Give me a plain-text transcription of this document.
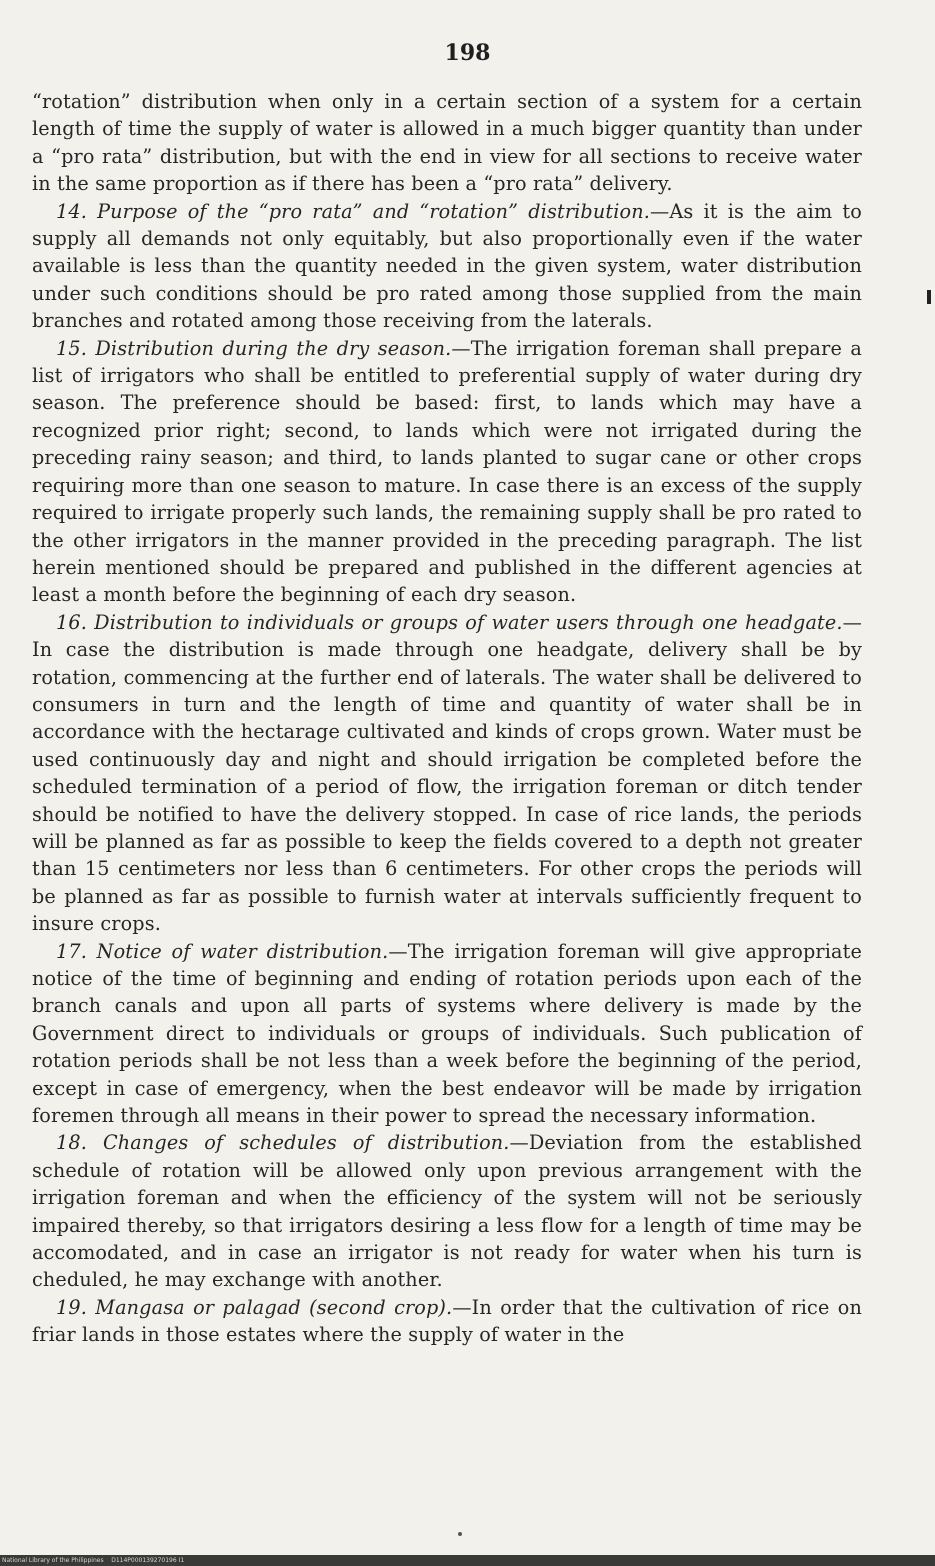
198

“rotation” distribution when only in a certain section of a system for a certain length of time the supply of water is allowed in a much bigger quantity than under a “pro rata” distribution, but with the end in view for all sections to receive water in the same proportion as if there has been a “pro rata” delivery.

14. Purpose of the “pro rata” and “rotation” distribution.—As it is the aim to supply all demands not only equitably, but also proportionally even if the water available is less than the quantity needed in the given system, water distribution under such conditions should be pro rated among those supplied from the main branches and rotated among those receiving from the laterals.

15. Distribution during the dry season.—The irrigation foreman shall prepare a list of irrigators who shall be entitled to preferential supply of water during dry season. The preference should be based: first, to lands which may have a recognized prior right; second, to lands which were not irrigated during the preceding rainy season; and third, to lands planted to sugar cane or other crops requiring more than one season to mature. In case there is an excess of the supply required to irrigate properly such lands, the remaining supply shall be pro rated to the other irrigators in the manner provided in the preceding paragraph. The list herein mentioned should be prepared and published in the different agencies at least a month before the beginning of each dry season.

16. Distribution to individuals or groups of water users through one headgate.—In case the distribution is made through one headgate, delivery shall be by rotation, commencing at the further end of laterals. The water shall be delivered to consumers in turn and the length of time and quantity of water shall be in accordance with the hectarage cultivated and kinds of crops grown. Water must be used continuously day and night and should irrigation be completed before the scheduled termination of a period of flow, the irrigation foreman or ditch tender should be notified to have the delivery stopped. In case of rice lands, the periods will be planned as far as possible to keep the fields covered to a depth not greater than 15 centimeters nor less than 6 centimeters. For other crops the periods will be planned as far as possible to furnish water at intervals sufficiently frequent to insure crops.

17. Notice of water distribution.—The irrigation foreman will give appropriate notice of the time of beginning and ending of rotation periods upon each of the branch canals and upon all parts of systems where delivery is made by the Government direct to individuals or groups of individuals. Such publication of rotation periods shall be not less than a week before the beginning of the period, except in case of emergency, when the best endeavor will be made by irrigation foremen through all means in their power to spread the necessary information.

18. Changes of schedules of distribution.—Deviation from the established schedule of rotation will be allowed only upon previous arrangement with the irrigation foreman and when the efficiency of the system will not be seriously impaired thereby, so that irrigators desiring a less flow for a length of time may be accomodated, and in case an irrigator is not ready for water when his turn is cheduled, he may exchange with another.

19. Mangasa or palagad (second crop).—In order that the cultivation of rice on friar lands in those estates where the supply of water in the

National Library of the Philippines    D114P000139270196 I1
